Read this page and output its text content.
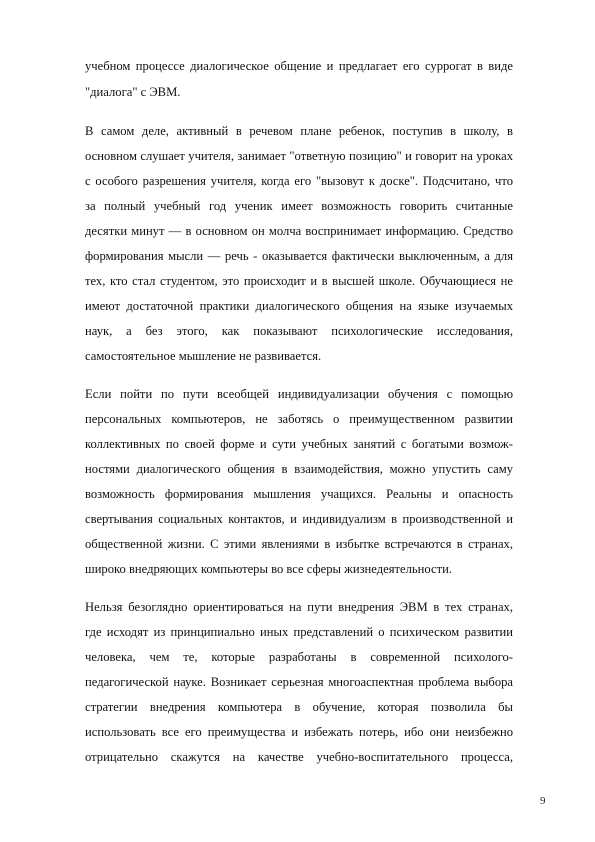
учебном процессе диалогическое общение и предлагает его суррогат в виде
"диалога" с ЭВМ.
В самом деле, активный в речевом плане ребенок, поступив в школу, в
основном слушает учителя, занимает "ответную позицию" и говорит на уроках
с особого разрешения учителя, когда его "вызовут к доске". Подсчитано, что
за полный учебный год ученик имеет возможность говорить считанные
десятки минут — в основном он молча воспринимает информацию. Средство
формирования мысли — речь - оказывается фактически выключенным, а для
тех, кто стал студентом, это происходит и в высшей школе. Обучающиеся не
имеют достаточной практики диалогического общения на языке изучаемых
наук, а без этого, как показывают психологические исследования,
самостоятельное мышление не развивается.
Если пойти по пути всеобщей индивидуализации обучения с помощью
персональных компьютеров, не заботясь о преимущественном развитии
коллективных по своей форме и сути учебных занятий с богатыми возмож-
ностями диалогического общения в взаимодействия, можно упустить саму
возможность формирования мышления учащихся. Реальны и опасность
свертывания социальных контактов, и индивидуализм в производственной и
общественной жизни. С этими явлениями в избытке встречаются в странах,
широко внедряющих компьютеры во все сферы жизнедеятельности.
Нельзя безоглядно ориентироваться на пути внедрения ЭВМ в тех странах,
где исходят из принципиально иных представлений о психическом развитии
человека, чем те, которые разработаны в современной психолого-
педагогической науке. Возникает серьезная многоаспектная проблема выбора
стратегии внедрения компьютера в обучение, которая позволила бы
использовать все его преимущества и избежать потерь, ибо они неизбежно
отрицательно скажутся на качестве учебно-воспитательного процесса,
9
